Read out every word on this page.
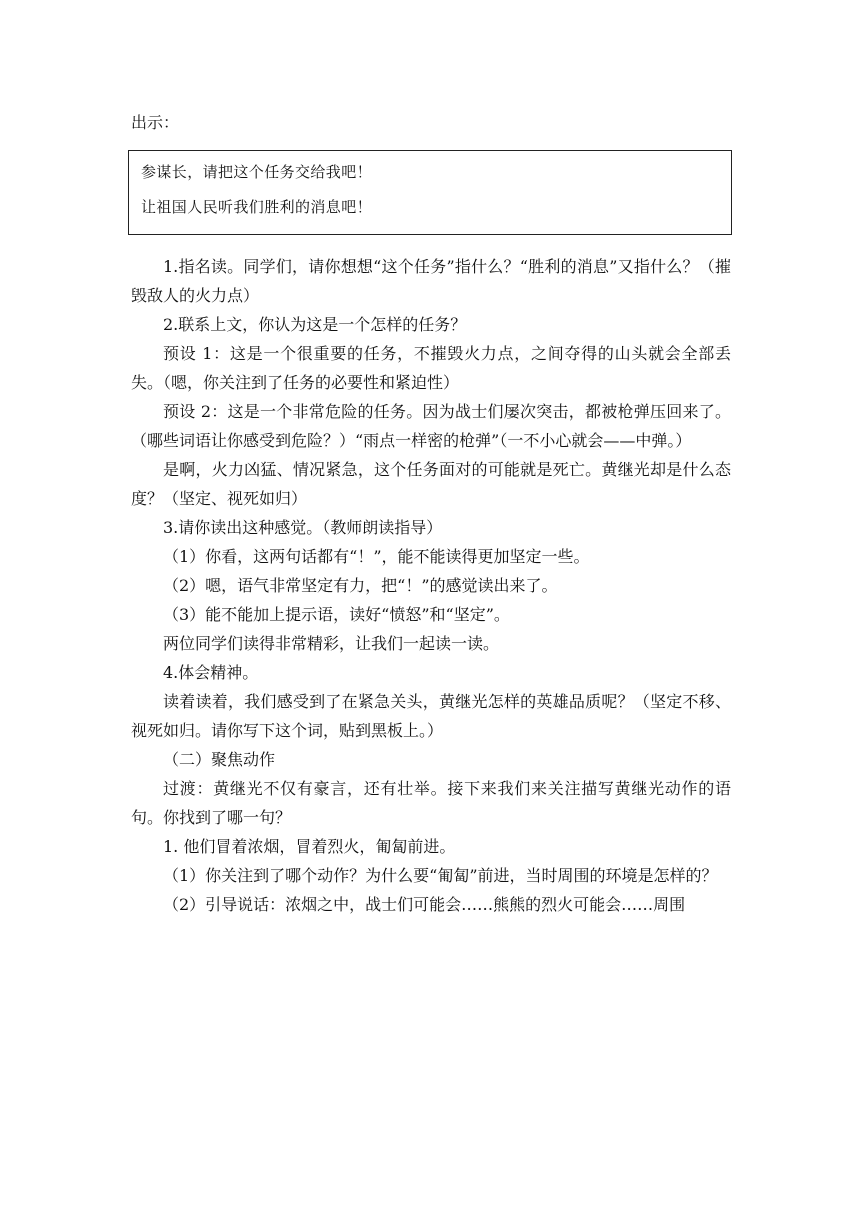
出示：
参谋长，请把这个任务交给我吧！
让祖国人民听我们胜利的消息吧！

1.指名读。同学们，请你想想“这个任务”指什么？“胜利的消息”又指什么？（摧毁敌人的火力点）

2.联系上文，你认为这是一个怎样的任务？

预设 1：这是一个很重要的任务，不摧毁火力点，之间夺得的山头就会全部丢失。（嗯，你关注到了任务的必要性和紧迫性）

预设 2：这是一个非常危险的任务。因为战士们屡次突击，都被枪弹压回来了。（哪些词语让你感受到危险？）“雨点一样密的枪弹”（一不小心就会——中弹。）

是啊，火力凶猛、情况紧急，这个任务面对的可能就是死亡。黄继光却是什么态度？（坚定、视死如归）

3.请你读出这种感觉。（教师朗读指导）

（1）你看，这两句话都有“！”，能不能读得更加坚定一些。

（2）嗯，语气非常坚定有力，把“！”的感觉读出来了。

（3）能不能加上提示语，读好“愤怒”和“坚定”。

两位同学们读得非常精彩，让我们一起读一读。

4.体会精神。

读着读着，我们感受到了在紧急关头，黄继光怎样的英雄品质呢？（坚定不移、视死如归。请你写下这个词，贴到黑板上。）

（二）聚焦动作

过渡：黄继光不仅有豪言，还有壮举。接下来我们来关注描写黄继光动作的语句。你找到了哪一句？

1. 他们冒着浓烟，冒着烈火，匍匐前进。

（1）你关注到了哪个动作？为什么要“匍匐”前进，当时周围的环境是怎样的？

（2）引导说话：浓烟之中，战士们可能会……熊熊的烈火可能会……周围
